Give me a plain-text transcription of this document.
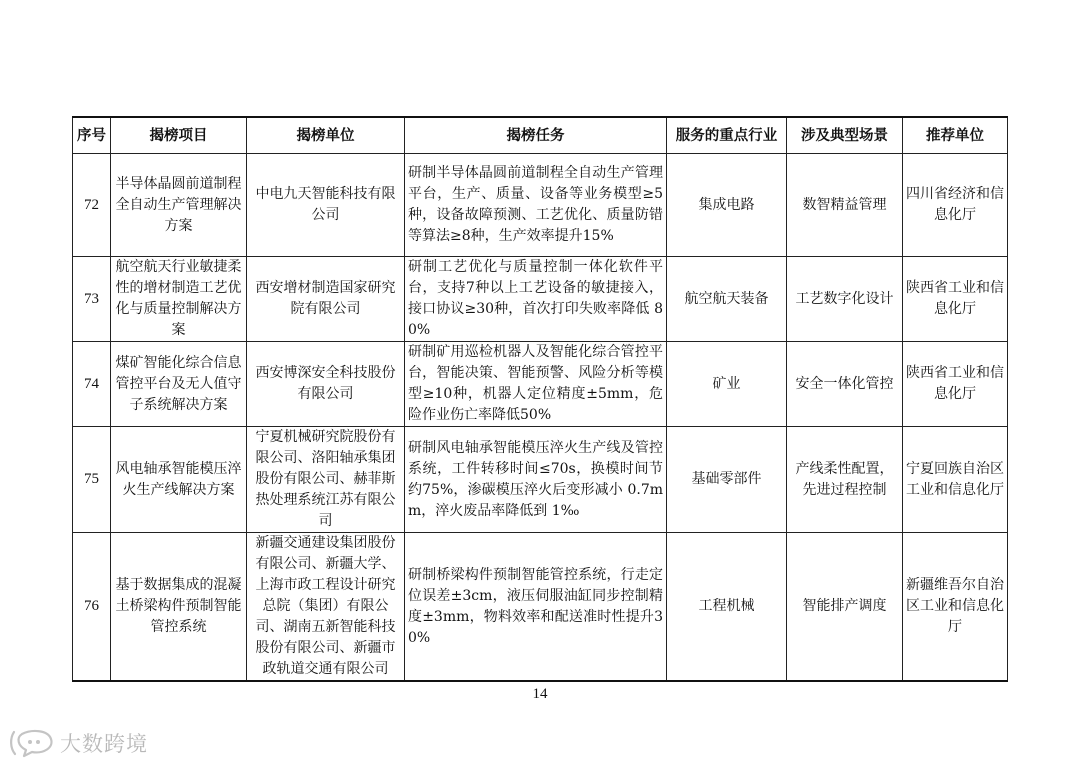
序号	揭榜项目	揭榜单位	揭榜任务	服务的重点行业	涉及典型场景	推荐单位
72	半导体晶圆前道制程全自动生产管理解决方案	中电九天智能科技有限公司	研制半导体晶圆前道制程全自动生产管理平台，生产、质量、设备等业务模型≥5种，设备故障预测、工艺优化、质量防错等算法≥8种，生产效率提升15%	集成电路	数智精益管理	四川省经济和信息化厅
73	航空航天行业敏捷柔性的增材制造工艺优化与质量控制解决方案	西安增材制造国家研究院有限公司	研制工艺优化与质量控制一体化软件平台，支持7种以上工艺设备的敏捷接入，接口协议≥30种，首次打印失败率降低 80%	航空航天装备	工艺数字化设计	陕西省工业和信息化厅
74	煤矿智能化综合信息管控平台及无人值守子系统解决方案	西安博深安全科技股份有限公司	研制矿用巡检机器人及智能化综合管控平台，智能决策、智能预警、风险分析等模型≥10种，机器人定位精度±5mm，危险作业伤亡率降低50%	矿业	安全一体化管控	陕西省工业和信息化厅
75	风电轴承智能模压淬火生产线解决方案	宁夏机械研究院股份有限公司、洛阳轴承集团股份有限公司、赫菲斯热处理系统江苏有限公司	研制风电轴承智能模压淬火生产线及管控系统，工件转移时间≤70s，换模时间节约75%，渗碳模压淬火后变形减小 0.7mm，淬火废品率降低到 1‰	基础零部件	产线柔性配置，先进过程控制	宁夏回族自治区工业和信息化厅
76	基于数据集成的混凝土桥梁构件预制智能管控系统	新疆交通建设集团股份有限公司、新疆大学、上海市政工程设计研究总院（集团）有限公司、湖南五新智能科技股份有限公司、新疆市政轨道交通有限公司	研制桥梁构件预制智能管控系统，行走定位误差±3cm，液压伺服油缸同步控制精度±3mm，物料效率和配送准时性提升30%	工程机械	智能排产调度	新疆维吾尔自治区工业和信息化厅
14
大数跨境
